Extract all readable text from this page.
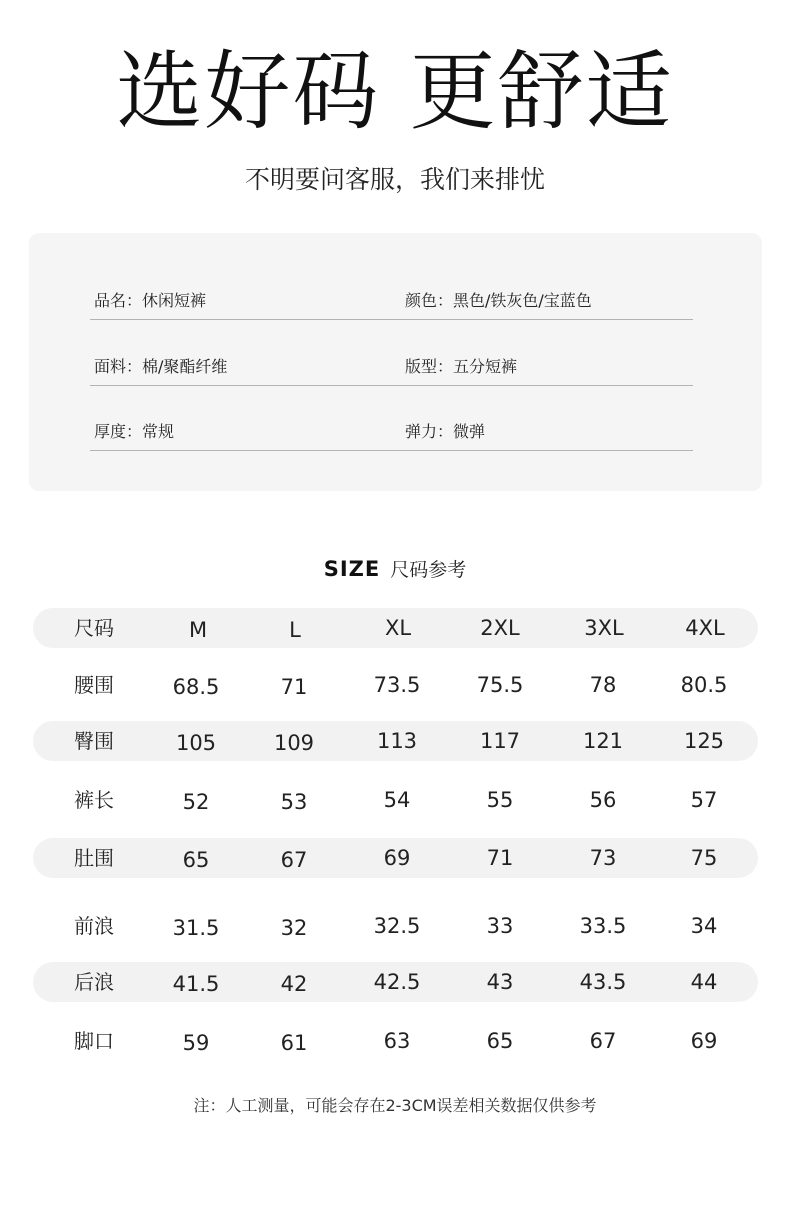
选好码 更舒适
不明要问客服，我们来排忧
品名：休闲短裤	颜色：黑色/铁灰色/宝蓝色
面料：棉/聚酯纤维	版型：五分短裤
厚度：常规	弹力：微弹
SIZE 尺码参考
尺码	M	L	XL	2XL	3XL	4XL
腰围	68.5	71	73.5	75.5	78	80.5
臀围	105	109	113	117	121	125
裤长	52	53	54	55	56	57
肚围	65	67	69	71	73	75
前浪	31.5	32	32.5	33	33.5	34
后浪	41.5	42	42.5	43	43.5	44
脚口	59	61	63	65	67	69
注：人工测量，可能会存在2-3CM误差相关数据仅供参考
